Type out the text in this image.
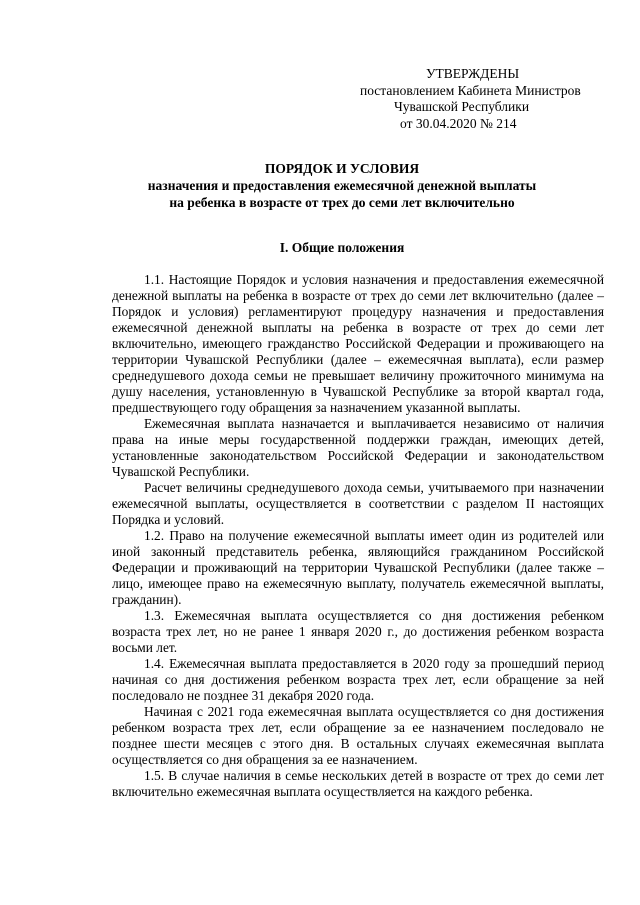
УТВЕРЖДЕНЫ
постановлением Кабинета Министров
Чувашской Республики
от 30.04.2020 № 214
ПОРЯДОК И УСЛОВИЯ
назначения и предоставления ежемесячной денежной выплаты
на ребенка в возрасте от трех до семи лет включительно
I. Общие положения

1.1. Настоящие Порядок и условия назначения и предоставления ежемесячной денежной выплаты на ребенка в возрасте от трех до семи лет включительно (далее – Порядок и условия) регламентируют процедуру назначения и предоставления ежемесячной денежной выплаты на ребенка в возрасте от трех до семи лет включительно, имеющего гражданство Российской Федерации и проживающего на территории Чувашской Республики (далее – ежемесячная выплата), если размер среднедушевого дохода семьи не превышает величину прожиточного минимума на душу населения, установленную в Чувашской Республике за второй квартал года, предшествующего году обращения за назначением указанной выплаты.

Ежемесячная выплата назначается и выплачивается независимо от наличия права на иные меры государственной поддержки граждан, имеющих детей, установленные законодательством Российской Федерации и законодательством Чувашской Республики.

Расчет величины среднедушевого дохода семьи, учитываемого при назначении ежемесячной выплаты, осуществляется в соответствии с разделом II настоящих Порядка и условий.

1.2. Право на получение ежемесячной выплаты имеет один из родителей или иной законный представитель ребенка, являющийся гражданином Российской Федерации и проживающий на территории Чувашской Республики (далее также – лицо, имеющее право на ежемесячную выплату, получатель ежемесячной выплаты, гражданин).

1.3. Ежемесячная выплата осуществляется со дня достижения ребенком возраста трех лет, но не ранее 1 января 2020 г., до достижения ребенком возраста восьми лет.

1.4. Ежемесячная выплата предоставляется в 2020 году за прошедший период начиная со дня достижения ребенком возраста трех лет, если обращение за ней последовало не позднее 31 декабря 2020 года.

Начиная с 2021 года ежемесячная выплата осуществляется со дня достижения ребенком возраста трех лет, если обращение за ее назначением последовало не позднее шести месяцев с этого дня. В остальных случаях ежемесячная выплата осуществляется со дня обращения за ее назначением.

1.5. В случае наличия в семье нескольких детей в возрасте от трех до семи лет включительно ежемесячная выплата осуществляется на каждого ребенка.
